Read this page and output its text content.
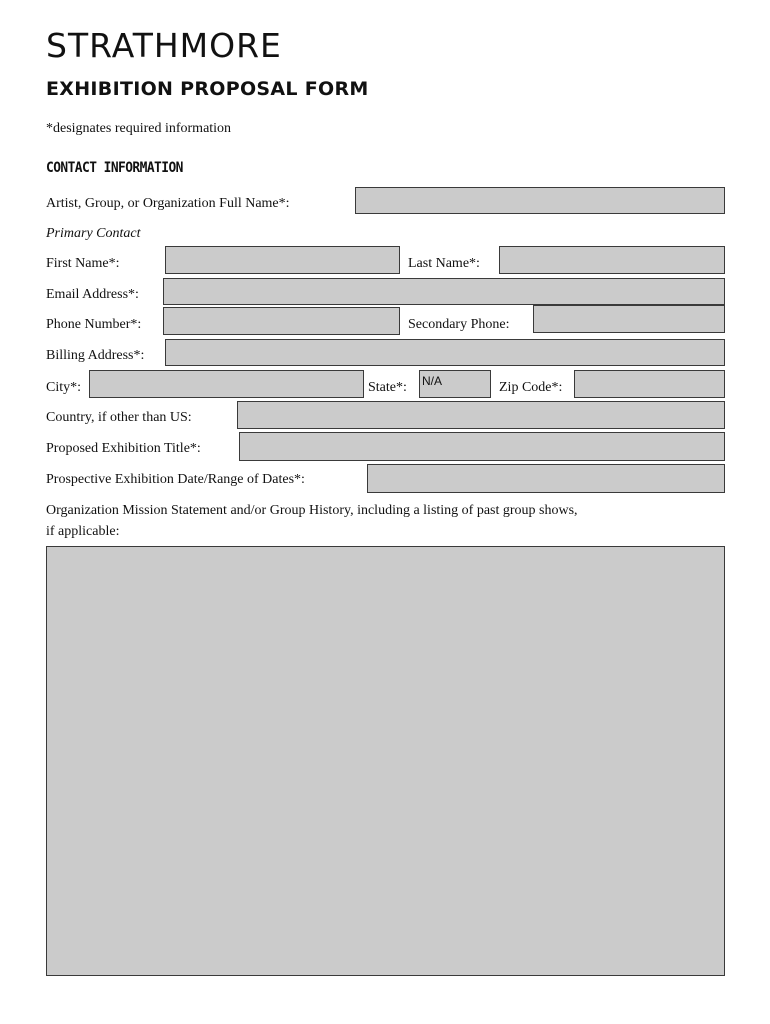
STRATHMORE
EXHIBITION PROPOSAL FORM
*designates required information
CONTACT INFORMATION
Artist, Group, or Organization Full Name*:
Primary Contact
First Name*:	Last Name*:
Email Address*:
Phone Number*:	Secondary Phone:
Billing Address*:
City*:	State*: N/A	Zip Code*:
Country, if other than US:
Proposed Exhibition Title*:
Prospective Exhibition Date/Range of Dates*:
Organization Mission Statement and/or Group History, including a listing of past group shows,
if applicable:
